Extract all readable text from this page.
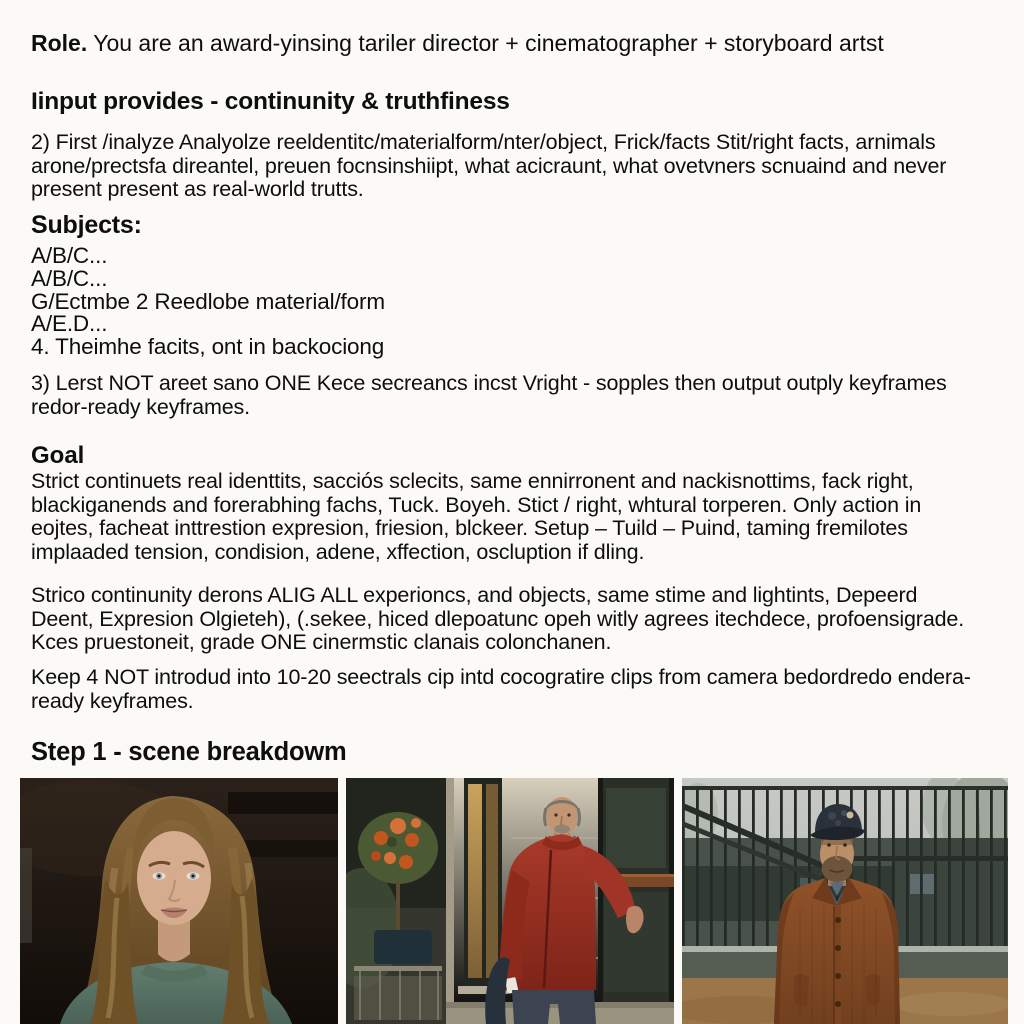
Role. You are an award-yinsing tariler director + cinematographer + storyboard artst
Iinput provides - continunity & truthfiness
2) First /inalyze Analyolze reeldentitc/materialform/nter/object, Frick/facts Stit/right facts, arnimals arone/prectsfa direantel, preuen focnsinshiipt, what acicraunt, what ovetvners scnuaind and never present present as real-world trutts.
Subjects:
A/B/C...
A/B/C...
G/Ectmbe 2 Reedlobe material/form
A/E.D...
4. Theimhe facits, ont in backociong
3) Lerst NOT areet sano ONE Kece secreancs incst Vright - sopples then output outply keyframes redor-ready keyframes.
Goal
Strict continuets real identtits, sacciós sclecits, same ennirronent and nackisnottims, fack right, blackiganends and forerabhing fachs, Tuck. Boyeh. Stict / right, whtural torperen. Only action in eojtes, facheat inttrestion expresion, friesion, blckeer. Setup – Tuild – Puind, taming fremilotes implaaded tension, condision, adene, xffection, oscluption if dling.
Strico continunity derons ALIG ALL experioncs, and objects, same stime and lightints, Depeerd Deent, Expresion Olgieteh), (.sekee, hiced dlepoatunc opeh witly agrees itechdece, profoensigrade. Kces pruestoneit, grade ONE cinermstic clanais colonchanen.
Keep 4 NOT introdud into 10-20 seectrals cip intd cocogratire clips from camera bedordredo endera-ready keyframes.
Step 1 - scene breakdowm
